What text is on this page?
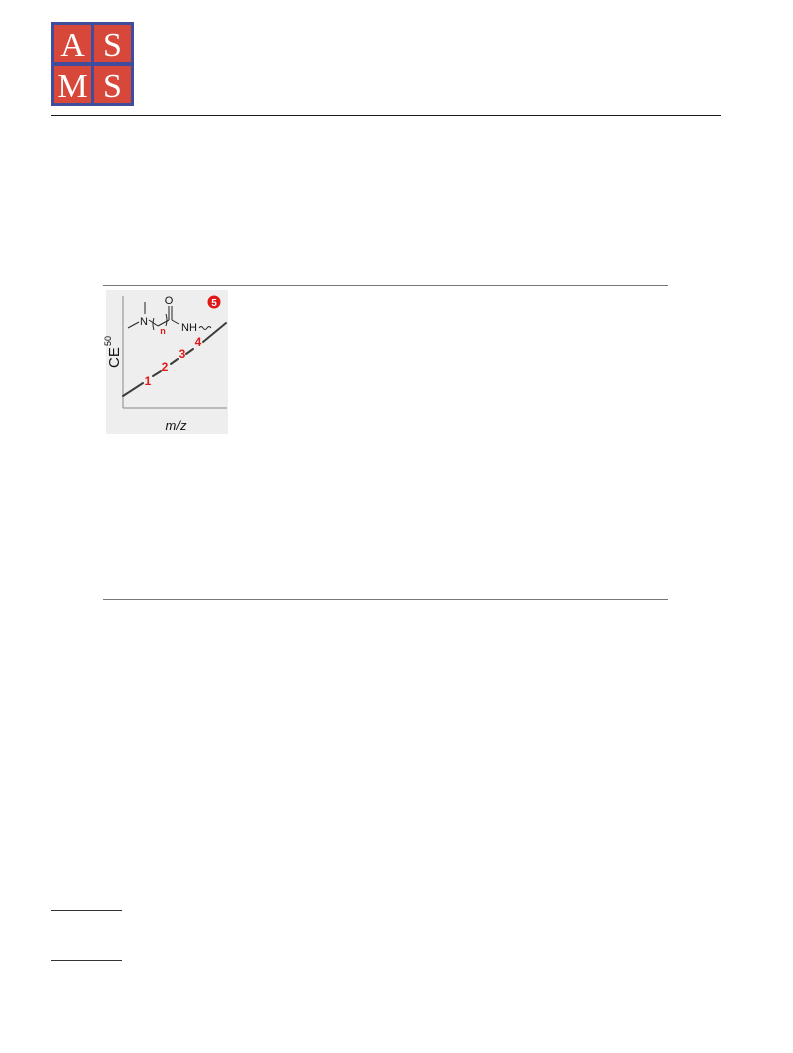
A S
M S
1
2
3
4
O
N	NH
n
5
CE
50
m/z
